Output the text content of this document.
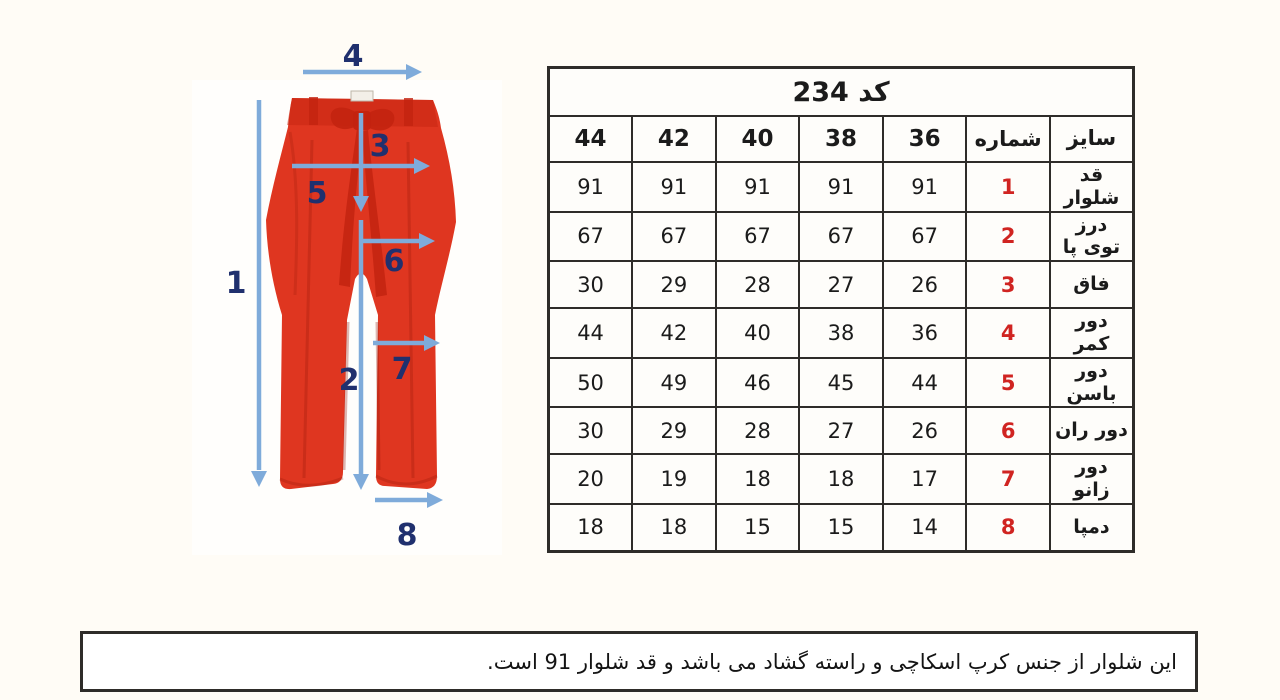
4
1
3
5
6
2 7
8
کد 234						
سایز	شماره	36	38	40	42	44
قد شلوار	1	91	91	91	91	91
درز توی پا	2	67	67	67	67	67
فاق	3	26	27	28	29	30
دور کمر	4	36	38	40	42	44
دور باسن	5	44	45	46	49	50
دور ران	6	26	27	28	29	30
دور زانو	7	17	18	18	19	20
دمپا	8	14	15	15	18	18
این شلوار از جنس کرپ اسکاچی و راسته گشاد می باشد و قد شلوار 91 است.
